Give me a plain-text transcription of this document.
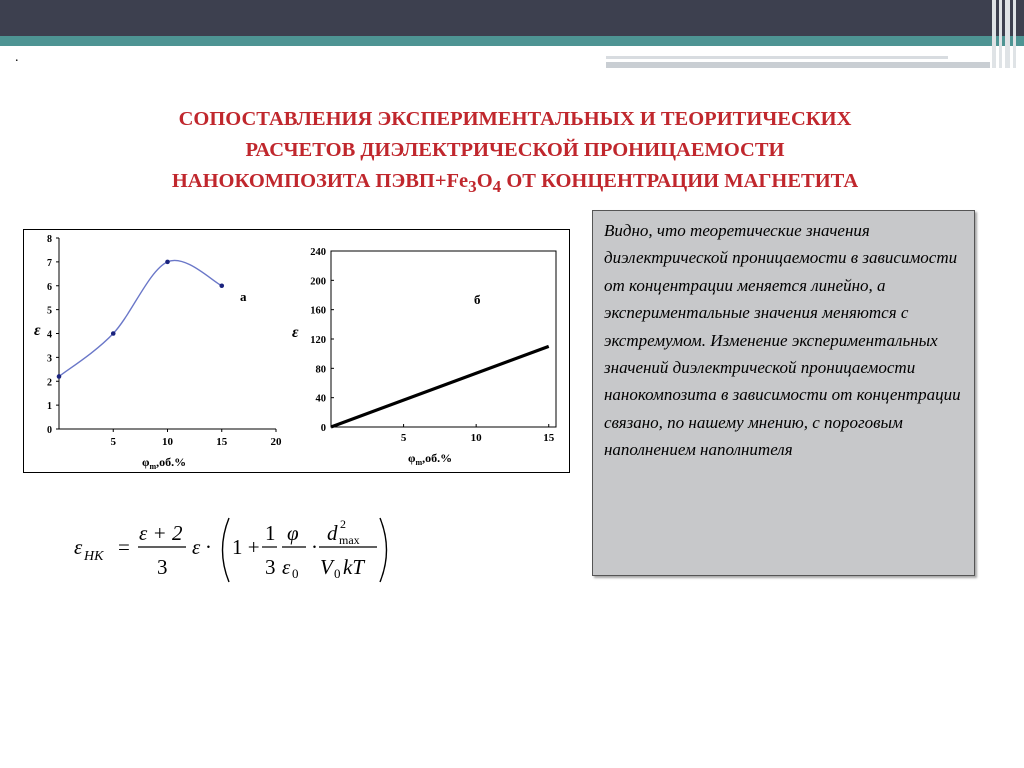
.
СОПОСТАВЛЕНИЯ ЭКСПЕРИМЕНТАЛЬНЫХ И ТЕОРИТИЧЕСКИХ
РАСЧЕТОВ ДИЭЛЕКТРИЧЕСКОЙ ПРОНИЦАЕМОСТИ
НАНОКОМПОЗИТА $ПЭВП+Fe_3O_4$ ОТ КОНЦЕНТРАЦИИ МАГНЕТИТА
0
1
2
3
4
5
6
7
8
5	10	15	20
а
ε
$\varphi_m,об.\%$
0
40
80
120
160
200
240
5	10	15
б
ε
$\varphi_m,об.\%$
Видно, что теоретические значения диэлектрической проницаемости в зависимости от концентрации меняется линейно, а экспериментальные значения меняются с экстремумом. Изменение экспериментальных значений диэлектрической проницаемости нанокомпозита в зависимости от концентрации связано, по нашему мнению, с пороговым наполнением наполнителя
ε НК =
ε + 2
3
ε · 1 +
1
3
φ
ε 0
·
d 2
max
V 0 kT
